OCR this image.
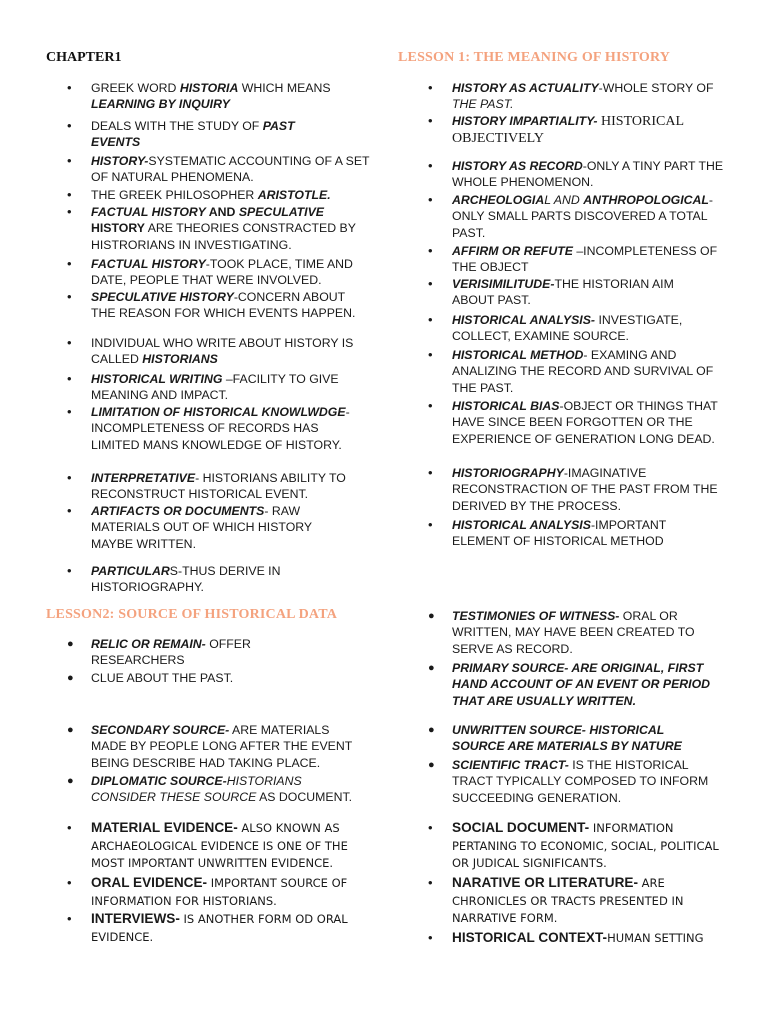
CHAPTER1	LESSON 1: THE MEANING OF HISTORY
LESSON2: SOURCE OF HISTORICAL DATA
• GREEK WORD HISTORIA WHICH MEANS LEARNING BY INQUIRY
• DEALS WITH THE STUDY OF PAST EVENTS
• HISTORY-SYSTEMATIC ACCOUNTING OF A SET OF NATURAL PHENOMENA.
• THE GREEK PHILOSOPHER ARISTOTLE.
• FACTUAL HISTORY AND SPECULATIVE HISTORY ARE THEORIES CONSTRACTED BY HISTRORIANS IN INVESTIGATING.
• FACTUAL HISTORY-TOOK PLACE, TIME AND DATE, PEOPLE THAT WERE INVOLVED.
• SPECULATIVE HISTORY-CONCERN ABOUT THE REASON FOR WHICH EVENTS HAPPEN.
• INDIVIDUAL WHO WRITE ABOUT HISTORY IS CALLED HISTORIANS
• HISTORICAL WRITING –FACILITY TO GIVE MEANING AND IMPACT.
• LIMITATION OF HISTORICAL KNOWLWDGE- INCOMPLETENESS OF RECORDS HAS LIMITED MANS KNOWLEDGE OF HISTORY.
• INTERPRETATIVE- HISTORIANS ABILITY TO RECONSTRUCT HISTORICAL EVENT.
• ARTIFACTS OR DOCUMENTS- RAW MATERIALS OUT OF WHICH HISTORY MAYBE WRITTEN.
• PARTICULARS-THUS DERIVE IN HISTORIOGRAPHY.
• HISTORY AS ACTUALITY-WHOLE STORY OF THE PAST.
• HISTORY IMPARTIALITY- HISTORICAL OBJECTIVELY
• HISTORY AS RECORD-ONLY A TINY PART THE WHOLE PHENOMENON.
• ARCHEOLOGIAL AND ANTHROPOLOGICAL-ONLY SMALL PARTS DISCOVERED A TOTAL PAST.
• AFFIRM OR REFUTE –INCOMPLETENESS OF THE OBJECT
• VERISIMILITUDE-THE HISTORIAN AIM ABOUT PAST.
• HISTORICAL ANALYSIS- INVESTIGATE, COLLECT, EXAMINE SOURCE.
• HISTORICAL METHOD- EXAMING AND ANALIZING THE RECORD AND SURVIVAL OF THE PAST.
• HISTORICAL BIAS-OBJECT OR THINGS THAT HAVE SINCE BEEN FORGOTTEN OR THE EXPERIENCE OF GENERATION LONG DEAD.
• HISTORIOGRAPHY-IMAGINATIVE RECONSTRACTION OF THE PAST FROM THE DERIVED BY THE PROCESS.
• HISTORICAL ANALYSIS-IMPORTANT ELEMENT OF HISTORICAL METHOD
● RELIC OR REMAIN- OFFER RESEARCHERS
● CLUE ABOUT THE PAST.
● SECONDARY SOURCE- ARE MATERIALS MADE BY PEOPLE LONG AFTER THE EVENT BEING DESCRIBE HAD TAKING PLACE.
● DIPLOMATIC SOURCE-HISTORIANS CONSIDER THESE SOURCE AS DOCUMENT.
• MATERIAL EVIDENCE- ALSO KNOWN AS ARCHAEOLOGICAL EVIDENCE IS ONE OF THE MOST IMPORTANT UNWRITTEN EVIDENCE.
• ORAL EVIDENCE- IMPORTANT SOURCE OF INFORMATION FOR HISTORIANS.
• INTERVIEWS- IS ANOTHER FORM OD ORAL EVIDENCE.
● TESTIMONIES OF WITNESS- ORAL OR WRITTEN, MAY HAVE BEEN CREATED TO SERVE AS RECORD.
● PRIMARY SOURCE- ARE ORIGINAL, FIRST HAND ACCOUNT OF AN EVENT OR PERIOD THAT ARE USUALLY WRITTEN.
● UNWRITTEN SOURCE- HISTORICAL SOURCE ARE MATERIALS BY NATURE
● SCIENTIFIC TRACT- IS THE HISTORICAL TRACT TYPICALLY COMPOSED TO INFORM SUCCEEDING GENERATION.
• SOCIAL DOCUMENT- INFORMATION PERTANING TO ECONOMIC, SOCIAL, POLITICAL OR JUDICAL SIGNIFICANTS.
• NARATIVE OR LITERATURE- ARE CHRONICLES OR TRACTS PRESENTED IN NARRATIVE FORM.
• HISTORICAL CONTEXT-HUMAN SETTING
